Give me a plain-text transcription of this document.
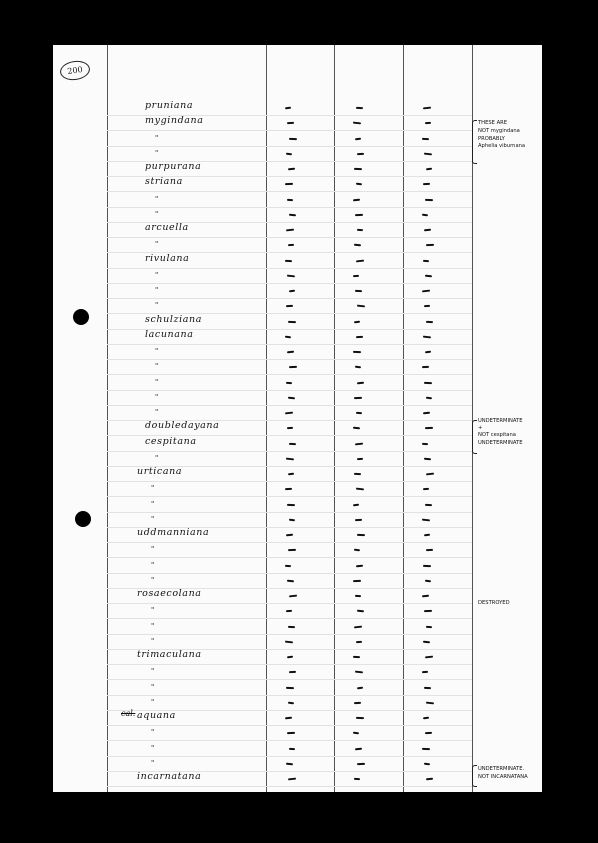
200
pruniana
mygindana
"
"
purpurana
striana
"
"
arcuella
"
rivulana
"
"
"
schulziana
lacunana
"
"
"
"
"
doubledayana
cespitana
"
urticana
"
"
"
uddmanniana
"
"
"
rosaecolana
"
"
"
trimaculana
"
"
"
aquana
"
"
"
incarnatana
cal.
THESE ARE
NOT mygindana
PROBABLY
Aphelia viburnana
UNDETERMINATE
+
NOT cespitana
UNDETERMINATE
DESTROYED
UNDETERMINATE.
NOT INCARNATANA
